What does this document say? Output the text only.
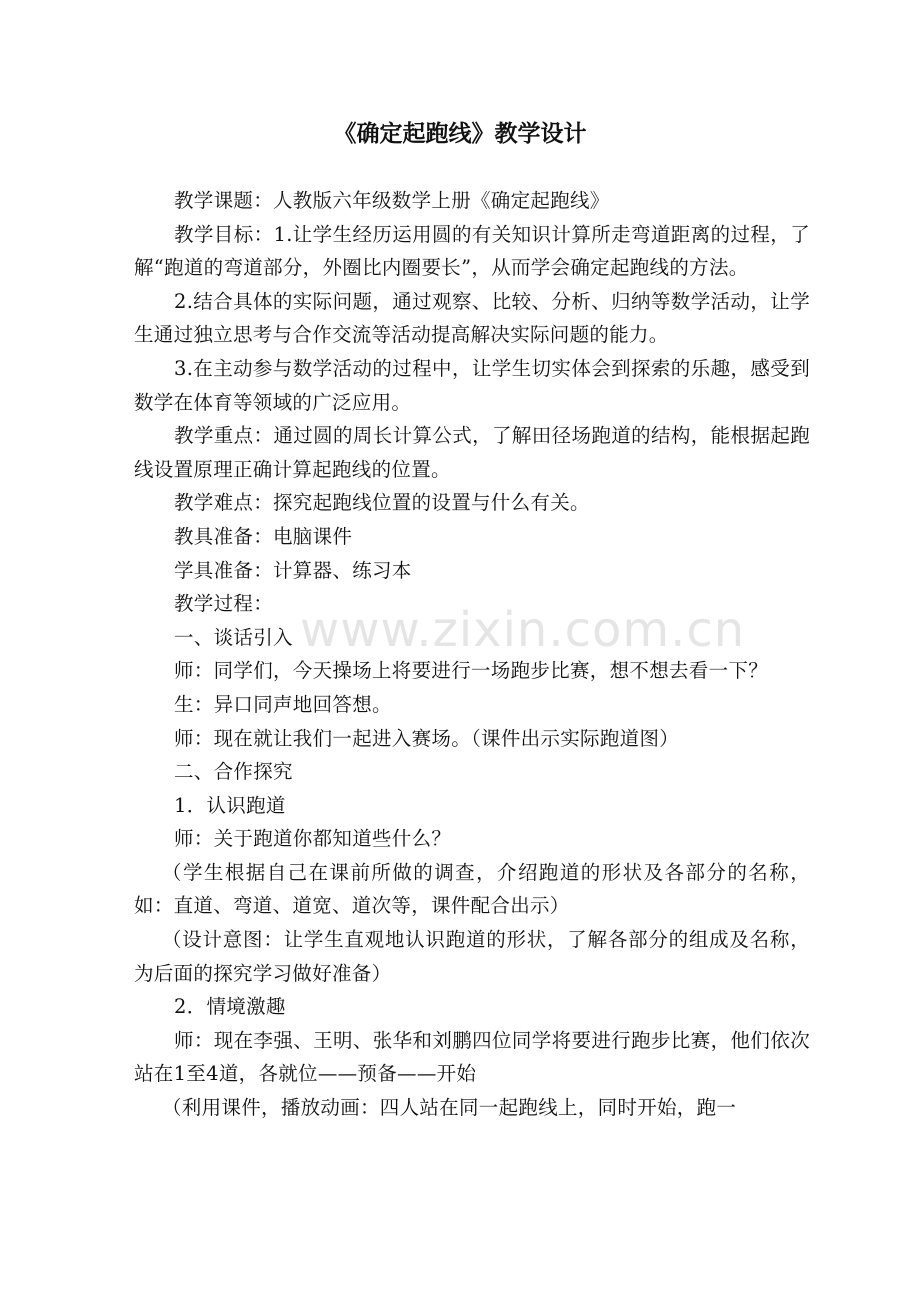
《确定起跑线》教学设计

教学课题：人教版六年级数学上册《确定起跑线》

教学目标：1.让学生经历运用圆的有关知识计算所走弯道距离的过程，了解“跑道的弯道部分，外圈比内圈要长”，从而学会确定起跑线的方法。

2.结合具体的实际问题，通过观察、比较、分析、归纳等数学活动，让学生通过独立思考与合作交流等活动提高解决实际问题的能力。

3.在主动参与数学活动的过程中，让学生切实体会到探索的乐趣，感受到数学在体育等领域的广泛应用。

教学重点：通过圆的周长计算公式，了解田径场跑道的结构，能根据起跑线设置原理正确计算起跑线的位置。

教学难点：探究起跑线位置的设置与什么有关。

教具准备：电脑课件

学具准备：计算器、练习本

教学过程：

一、谈话引入

师：同学们，今天操场上将要进行一场跑步比赛，想不想去看一下？

生：异口同声地回答想。

师：现在就让我们一起进入赛场。（课件出示实际跑道图）

二、合作探究

1．认识跑道

师：关于跑道你都知道些什么？

（学生根据自己在课前所做的调查，介绍跑道的形状及各部分的名称，如：直道、弯道、道宽、道次等，课件配合出示）

（设计意图：让学生直观地认识跑道的形状，了解各部分的组成及名称，为后面的探究学习做好准备）

2．情境激趣

师：现在李强、王明、张华和刘鹏四位同学将要进行跑步比赛，他们依次站在1至4道，各就位——预备——开始

（利用课件，播放动画：四人站在同一起跑线上，同时开始，跑一

www.zixin.com.cn
